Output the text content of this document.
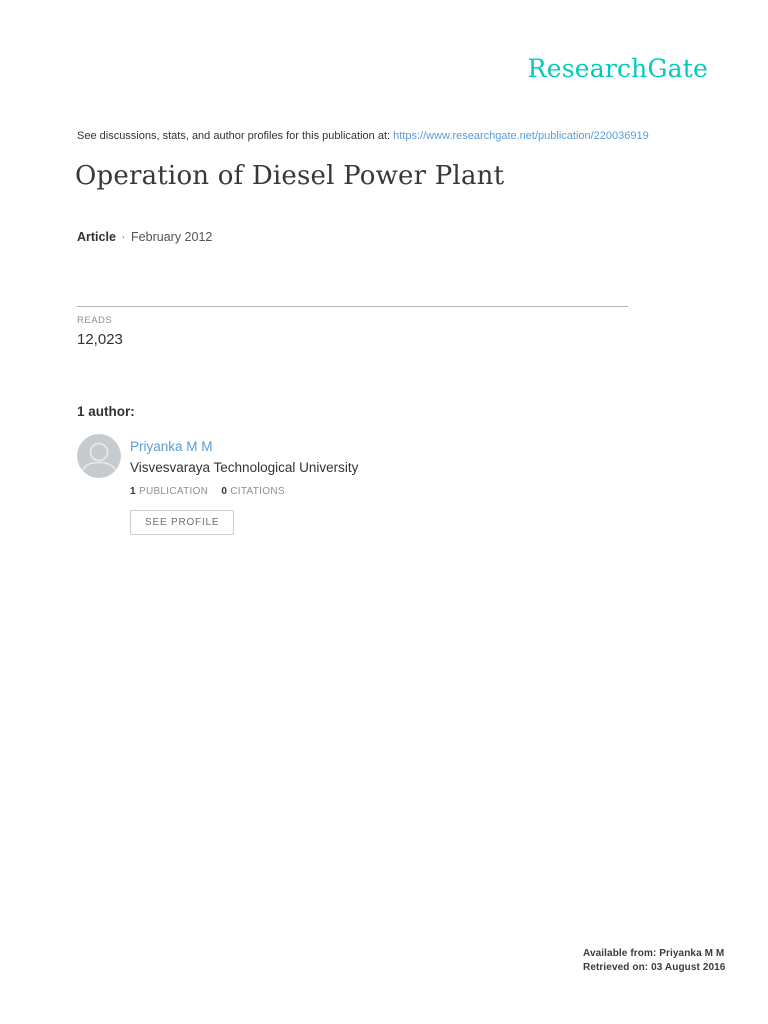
ResearchGate
See discussions, stats, and author profiles for this publication at: https://www.researchgate.net/publication/220036919
Operation of Diesel Power Plant
Article · February 2012
READS
12,023
1 author:
Priyanka M M
Visvesvaraya Technological University
1 PUBLICATION 0 CITATIONS
SEE PROFILE
Available from: Priyanka M M
Retrieved on: 03 August 2016
